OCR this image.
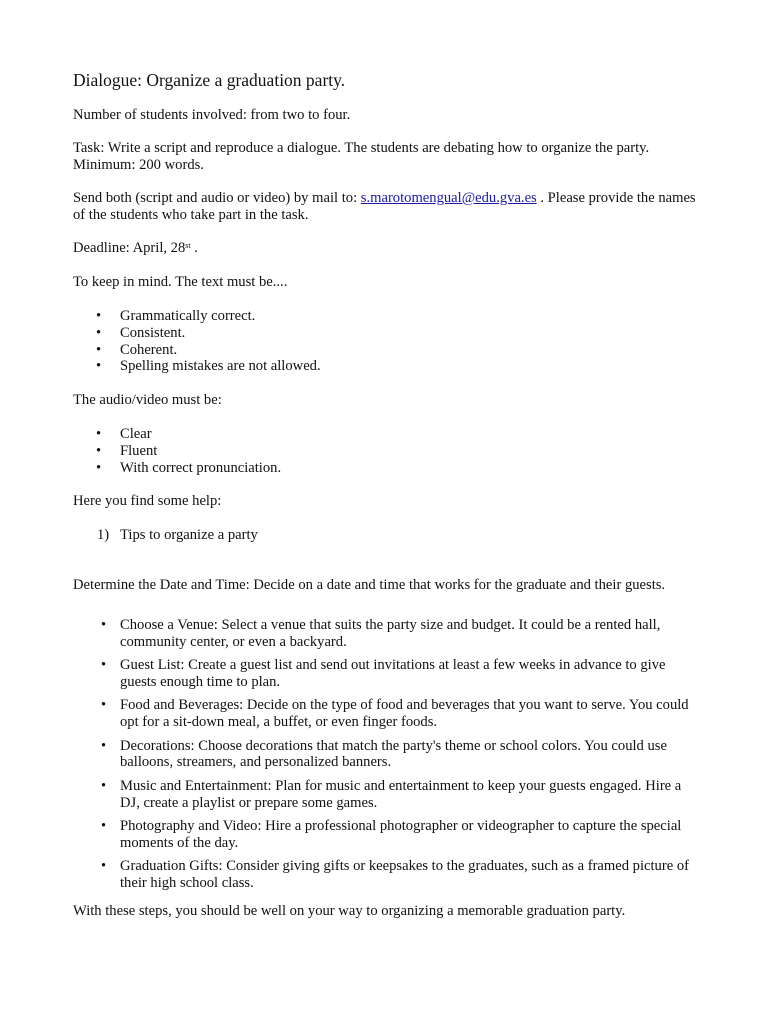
Dialogue: Organize a graduation party.
Number of students involved: from two to four.
Task: Write a script and reproduce a dialogue. The students are debating how to organize the party. Minimum: 200 words.
Send both (script and audio or video) by mail to: s.marotomengual@edu.gva.es . Please provide the names of the students who take part in the task.
Deadline: April, 28st .
To keep in mind. The text must be....
• Grammatically correct.
• Consistent.
• Coherent.
• Spelling mistakes are not allowed.
The audio/video must be:
• Clear
• Fluent
• With correct pronunciation.
Here you find some help:
1) Tips to organize a party
Determine the Date and Time: Decide on a date and time that works for the graduate and their guests.
• Choose a Venue: Select a venue that suits the party size and budget. It could be a rented hall, community center, or even a backyard.
• Guest List: Create a guest list and send out invitations at least a few weeks in advance to give guests enough time to plan.
• Food and Beverages: Decide on the type of food and beverages that you want to serve. You could opt for a sit-down meal, a buffet, or even finger foods.
• Decorations: Choose decorations that match the party's theme or school colors. You could use balloons, streamers, and personalized banners.
• Music and Entertainment: Plan for music and entertainment to keep your guests engaged. Hire a DJ, create a playlist or prepare some games.
• Photography and Video: Hire a professional photographer or videographer to capture the special moments of the day.
• Graduation Gifts: Consider giving gifts or keepsakes to the graduates, such as a framed picture of their high school class.
With these steps, you should be well on your way to organizing a memorable graduation party.
